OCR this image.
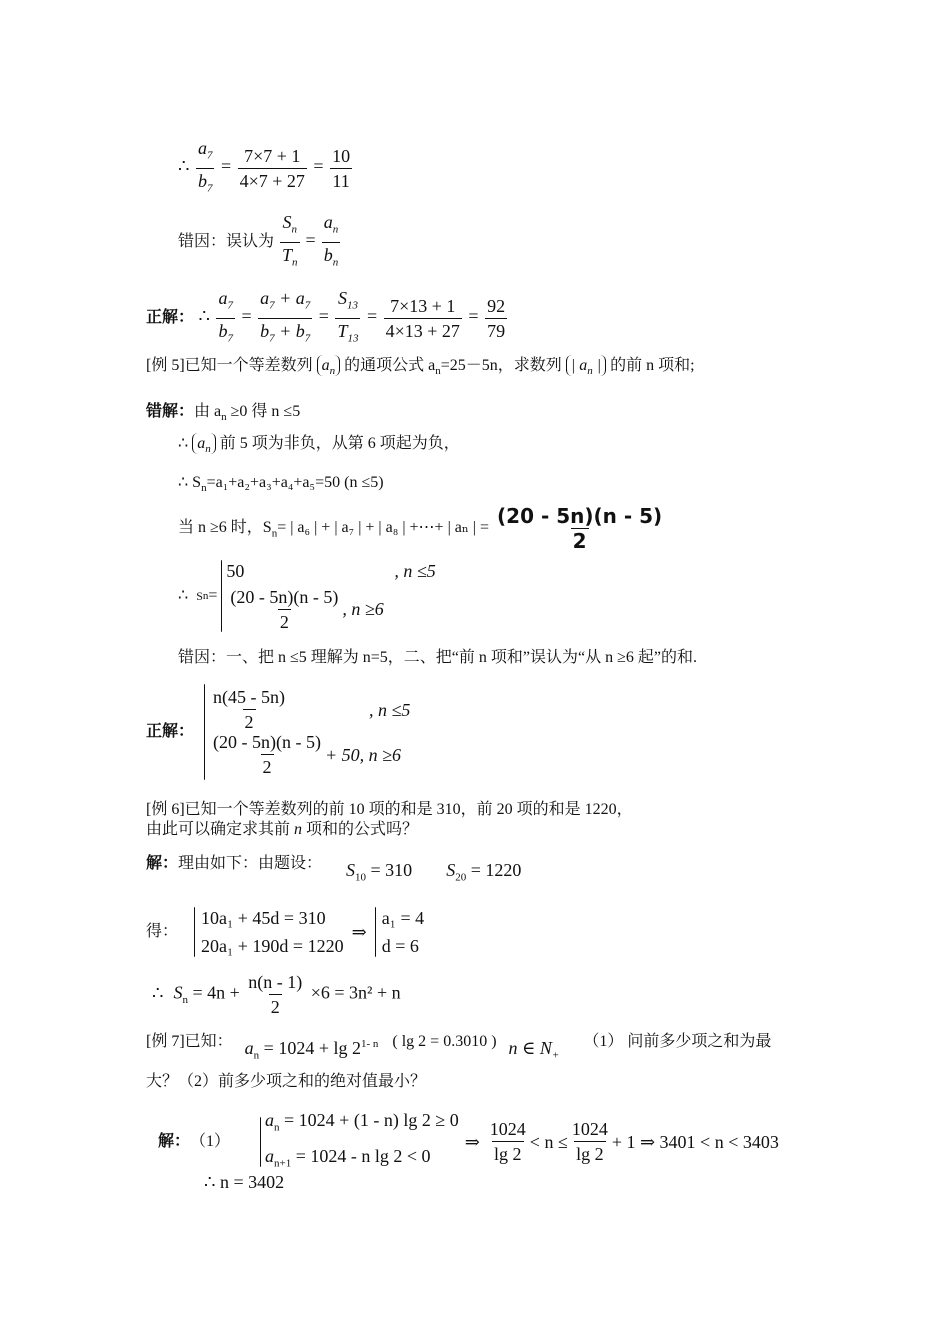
∴ $\frac{a_7}{b_7} = \frac{7\times 7 + 1}{4\times 7 + 27} = \frac{10}{11}$
错因：误认为 $\frac{S_n}{T_n} = \frac{a_n}{b_n}$
正解： ∴ $\frac{a_7}{b_7} = \frac{a_7 + a_7}{b_7 + b_7} = \frac{S_{13}}{T_{13}} = \frac{7\times 13 + 1}{4\times 13 + 27} = \frac{92}{79}$
[例 5]已知一个等差数列 $a_n$ 的通项公式 $a_n=25-5n$，求数列 | $a_n$ | 的前 n 项和;
错解：由 $a_n \ge 0$ 得 n ≤5
∴ $a_n$ 前 5 项为非负，从第 6 项起为负，
∴ $S_n=a_1+a_2+a_3+a_4+a_5=50$ (n ≤5)
当 n ≥6 时，$S_n=$ | a₆ | + | a₇ | + | a₈ | +⋯+ | aₙ | = $\frac{(20 - 5n)(n - 5)}{2}$
∴ S n =
50	, n ≤5
$\frac{(20 - 5n)(n - 5)}{2}$ , n ≥6
错因：一、把 n ≤5 理解为 n=5，二、把“前 n 项和”误认为“从 n ≥6 起”的和.
正解： $\frac{n(45 - 5n)}{2}$	, n ≤5
$\frac{(20 - 5n)(n - 5)}{2} + 50$, n ≥6
[例 6]已知一个等差数列的前 10 项的和是 310，前 20 项的和是 1220，
由此可以确定求其前 n 项和的公式吗？
解：理由如下：由题设： $S_{10} = 310$ $S_{20} = 1220$
得：
10a₁ + 45d = 310
20a₁ + 190d = 1220
⇒
a₁ = 4
d = 6
∴ $S_n = 4n + \frac{n(n - 1)}{2} \times 6 = 3n^2 + n$
[例 7]已知： $a_n = 1024 + \lg 2^{1- n}$ ( lg 2 = 0.3010 ) n ∈ $N_+$ （1） 问前多少项之和为最
大？（2）前多少项之和的绝对值最小？
解： （1）
$a_n = 1024 + (1 - n)$ lg 2 ≥ 0
$a_{n+1} = 1024 - n$ lg 2 < 0
⇒ $\frac{1024}{\lg 2} < n \le \frac{1024}{\lg 2} + 1$ ⇒ 3401 < n < 3403
∴ n = 3402
